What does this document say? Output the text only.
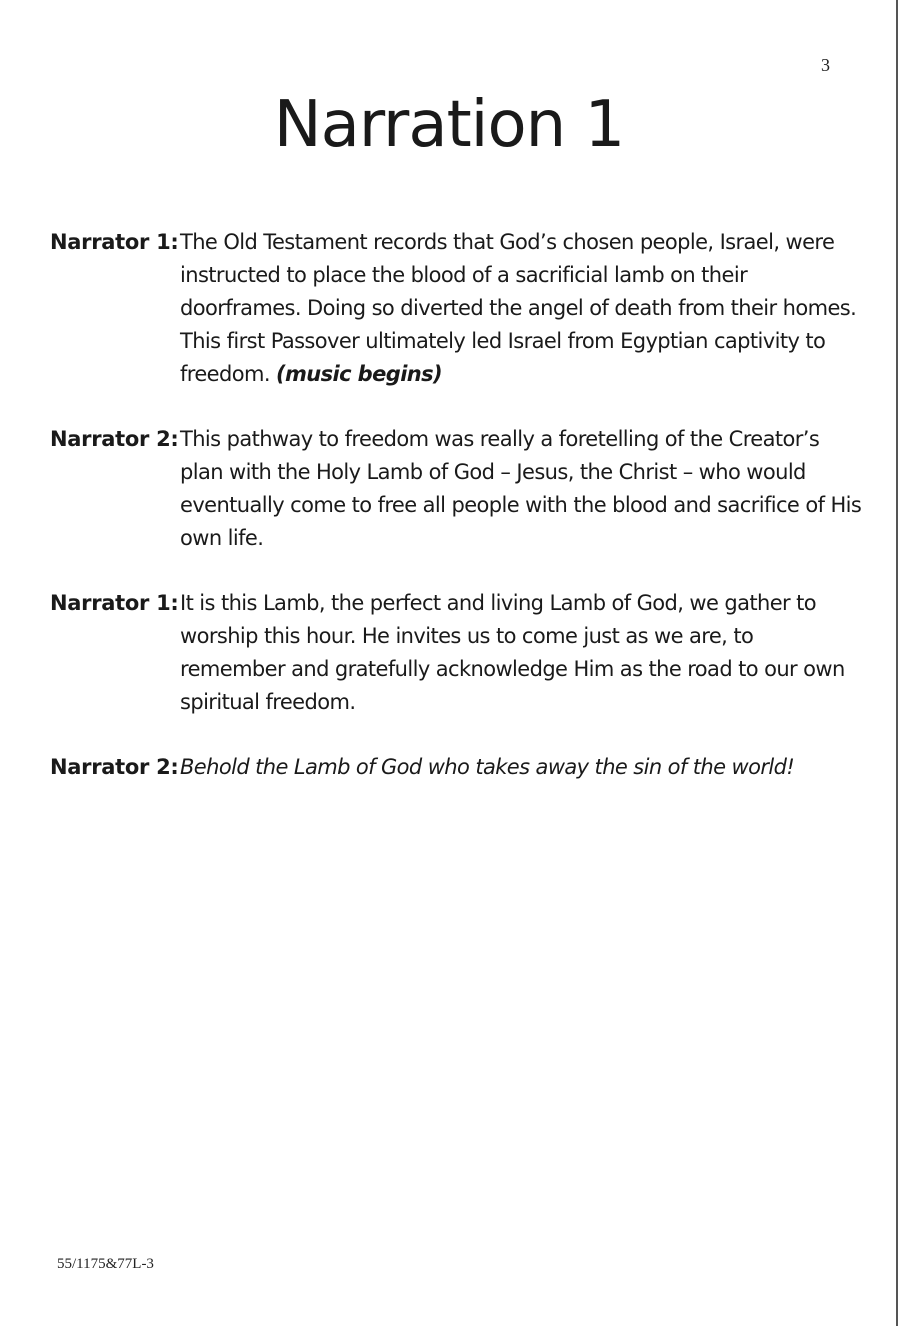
3
Narration 1
Narrator 1: The Old Testament records that God’s chosen people, Israel, were instructed to place the blood of a sacrificial lamb on their doorframes. Doing so diverted the angel of death from their homes. This first Passover ultimately led Israel from Egyptian captivity to freedom. (music begins)
Narrator 2: This pathway to freedom was really a foretelling of the Creator’s plan with the Holy Lamb of God – Jesus, the Christ – who would eventually come to free all people with the blood and sacrifice of His own life.
Narrator 1: It is this Lamb, the perfect and living Lamb of God, we gather to worship this hour. He invites us to come just as we are, to remember and gratefully acknowledge Him as the road to our own spiritual freedom.
Narrator 2: Behold the Lamb of God who takes away the sin of the world!
55/1175&77L-3
